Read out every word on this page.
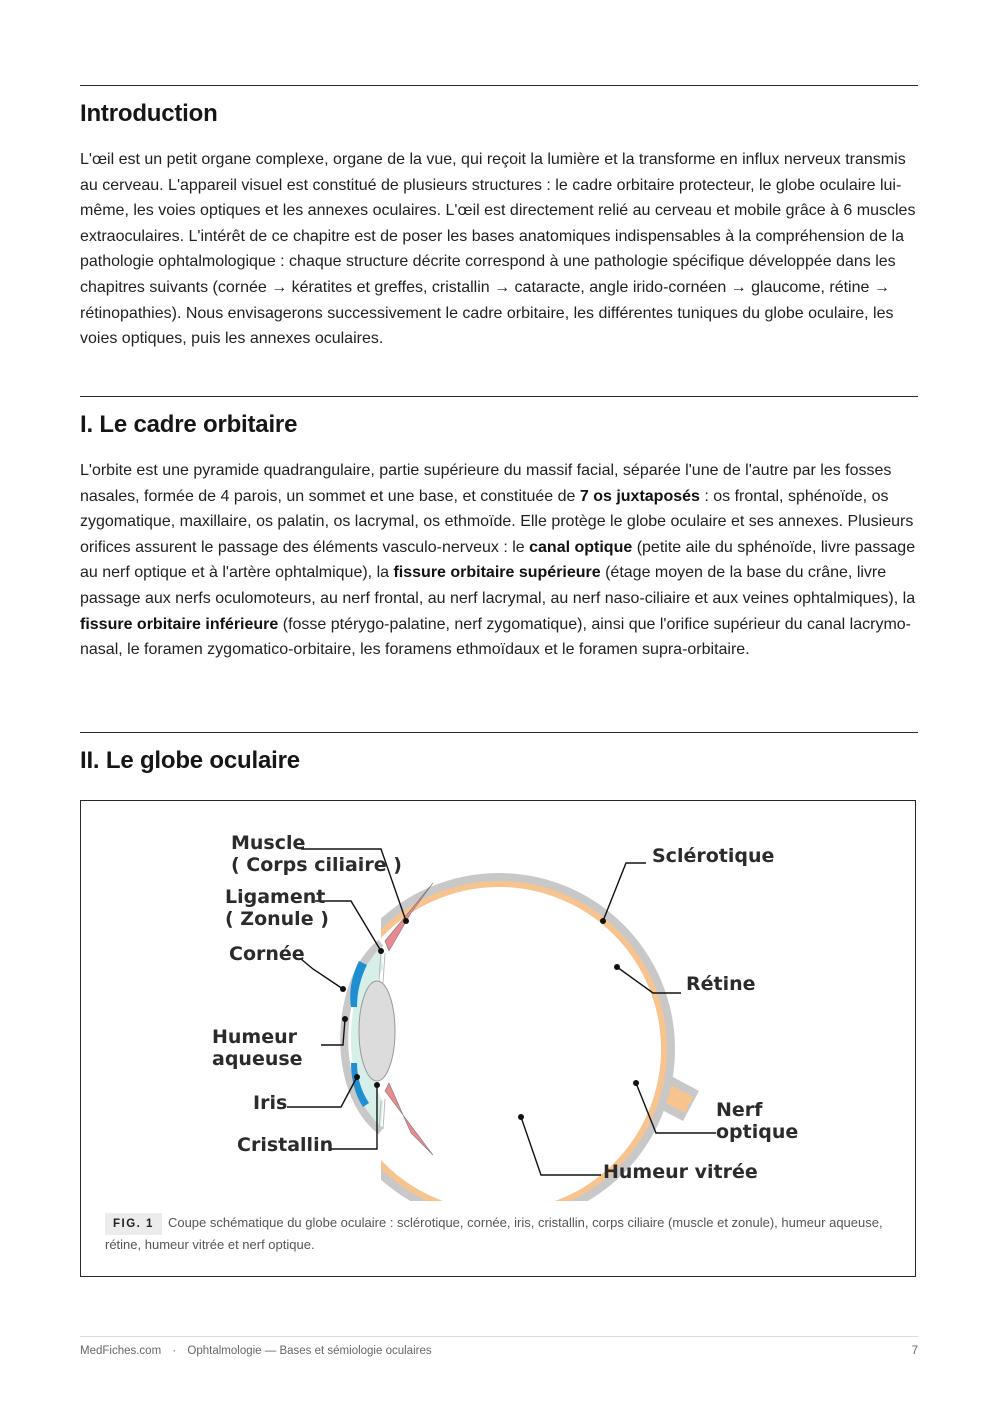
Introduction

L'œil est un petit organe complexe, organe de la vue, qui reçoit la lumière et la transforme en influx nerveux transmis au cerveau. L'appareil visuel est constitué de plusieurs structures : le cadre orbitaire protecteur, le globe oculaire lui-même, les voies optiques et les annexes oculaires. L'œil est directement relié au cerveau et mobile grâce à 6 muscles extraoculaires. L'intérêt de ce chapitre est de poser les bases anatomiques indispensables à la compréhension de la pathologie ophtalmologique : chaque structure décrite correspond à une pathologie spécifique développée dans les chapitres suivants (cornée → kératites et greffes, cristallin → cataracte, angle irido-cornéen → glaucome, rétine → rétinopathies). Nous envisagerons successivement le cadre orbitaire, les différentes tuniques du globe oculaire, les voies optiques, puis les annexes oculaires.

I. Le cadre orbitaire

L'orbite est une pyramide quadrangulaire, partie supérieure du massif facial, séparée l'une de l'autre par les fosses nasales, formée de 4 parois, un sommet et une base, et constituée de 7 os juxtaposés : os frontal, sphénoïde, os zygomatique, maxillaire, os palatin, os lacrymal, os ethmoïde. Elle protège le globe oculaire et ses annexes. Plusieurs orifices assurent le passage des éléments vasculo-nerveux : le canal optique (petite aile du sphénoïde, livre passage au nerf optique et à l'artère ophtalmique), la fissure orbitaire supérieure (étage moyen de la base du crâne, livre passage aux nerfs oculomoteurs, au nerf frontal, au nerf lacrymal, au nerf naso-ciliaire et aux veines ophtalmiques), la fissure orbitaire inférieure (fosse ptérygo-palatine, nerf zygomatique), ainsi que l'orifice supérieur du canal lacrymo-nasal, le foramen zygomatico-orbitaire, les foramens ethmoïdaux et le foramen supra-orbitaire.

II. Le globe oculaire
Muscle
( Corps ciliaire )
Ligament
( Zonule )
Cornée
Humeur
aqueuse
Iris
Cristallin
Sclérotique
Rétine
Nerf
optique
Humeur vitrée

FIG. 1 Coupe schématique du globe oculaire : sclérotique, cornée, iris, cristallin, corps ciliaire (muscle et zonule), humeur aqueuse, rétine, humeur vitrée et nerf optique.

MedFiches.com · Ophtalmologie — Bases et sémiologie oculaires	7
